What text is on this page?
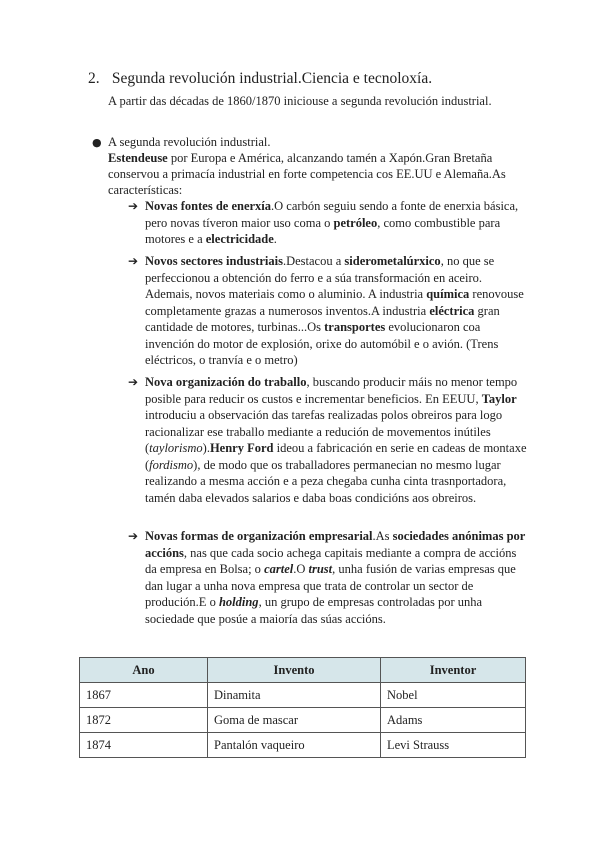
2. Segunda revolución industrial.Ciencia e tecnoloxía.
A partir das décadas de 1860/1870 iniciouse a segunda revolución industrial.
● A segunda revolución industrial.
Estendeuse por Europa e América, alcanzando tamén a Xapón.Gran Bretaña conservou a primacía industrial en forte competencia cos EE.UU e Alemaña.As características:
➔ Novas fontes de enerxía.O carbón seguiu sendo a fonte de enerxia básica, pero novas tíveron maior uso coma o petróleo, como combustible para motores e a electricidade.
➔ Novos sectores industriais.Destacou a siderometalúrxico, no que se perfeccionou a obtención do ferro e a súa transformación en aceiro. Ademais, novos materiais como o aluminio. A industria química renovouse completamente grazas a numerosos inventos.A industria eléctrica gran cantidade de motores, turbinas...Os transportes evolucionaron coa invención do motor de explosión, orixe do automóbil e o avión. (Trens eléctricos, o tranvía e o metro)
➔ Nova organización do traballo, buscando producir máis no menor tempo posible para reducir os custos e incrementar beneficios. En EEUU, Taylor introduciu a observación das tarefas realizadas polos obreiros para logo racionalizar ese traballo mediante a redución de movementos inútiles (taylorismo).Henry Ford ideou a fabricación en serie en cadeas de montaxe (fordismo), de modo que os traballadores permanecian no mesmo lugar realizando a mesma acción e a peza chegaba cunha cinta trasnportadora, tamén daba elevados salarios e daba boas condicións aos obreiros.
➔ Novas formas de organización empresarial.As sociedades anónimas por accións, nas que cada socio achega capitais mediante a compra de accións da empresa en Bolsa; o cartel.O trust, unha fusión de varias empresas que dan lugar a unha nova empresa que trata de controlar un sector de produción.E o holding, un grupo de empresas controladas por unha sociedade que posúe a maioría das súas accións.
Ano	Invento	Inventor
1867	Dinamita	Nobel
1872	Goma de mascar	Adams
1874	Pantalón vaqueiro	Levi Strauss
